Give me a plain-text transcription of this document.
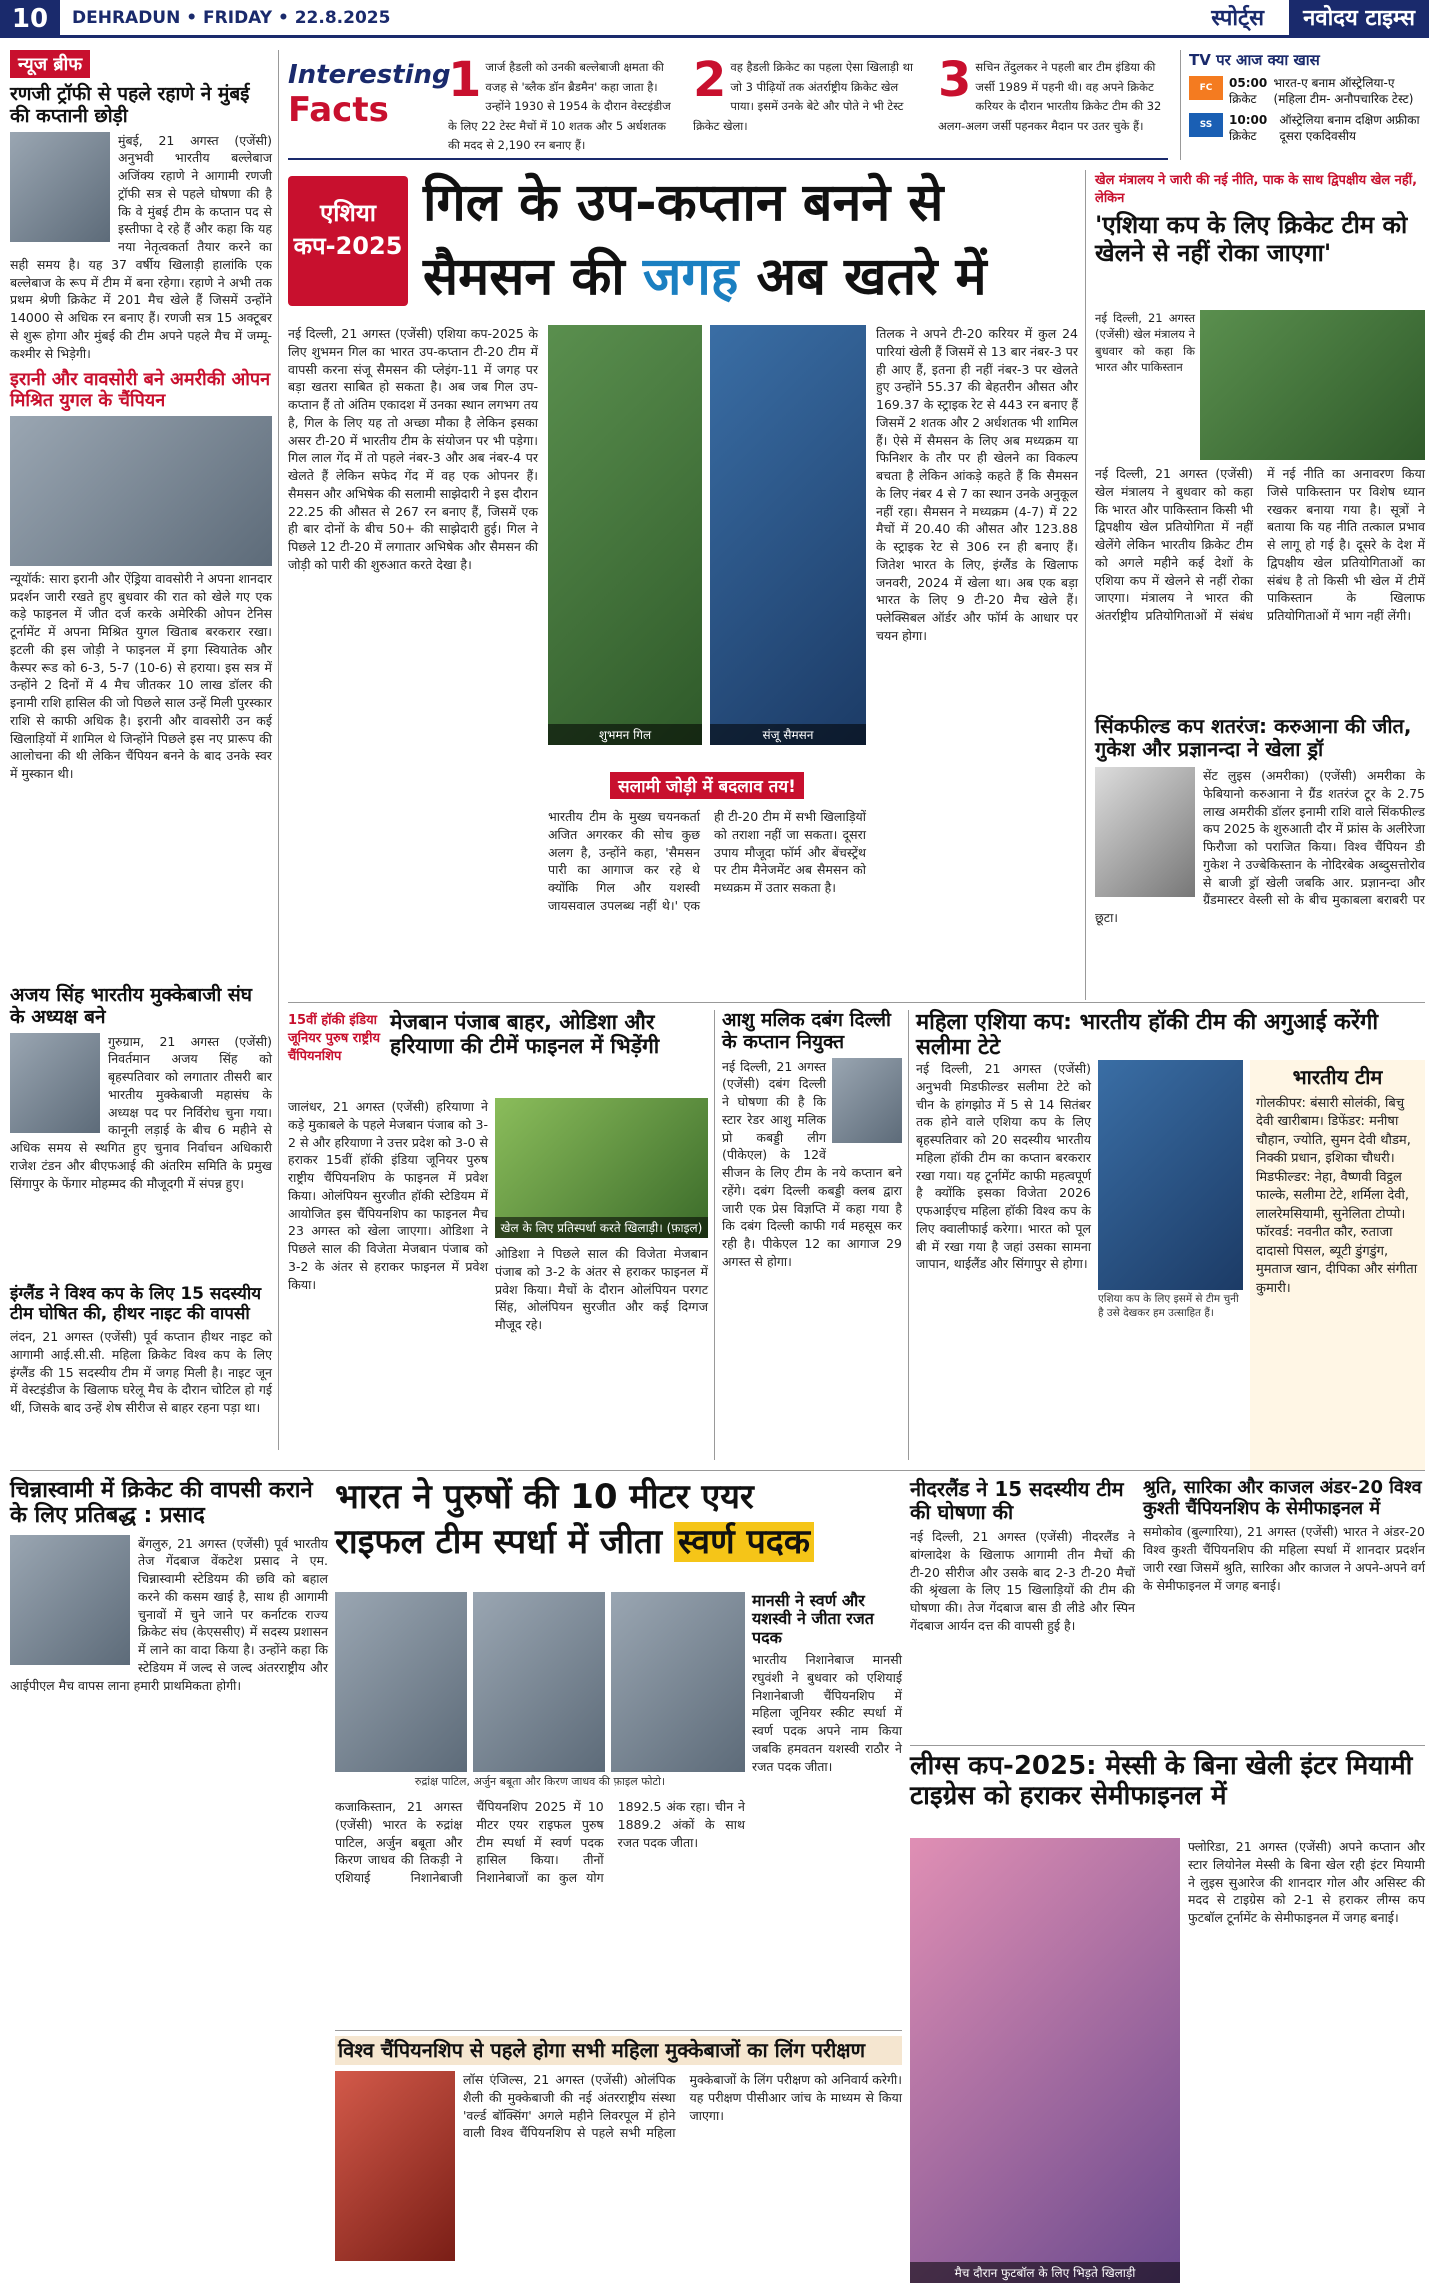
10	DEHRADUN • FRIDAY • 22.8.2025	स्पोर्ट्स	नवोदय टाइम्स
न्यूज ब्रीफ
रणजी ट्रॉफी से पहले रहाणे ने मुंबई की कप्तानी छोड़ी
मुंबई, 21 अगस्त (एजेंसी) अनुभवी भारतीय बल्लेबाज अजिंक्य रहाणे ने आगामी रणजी ट्रॉफी सत्र से पहले घोषणा की है कि वे मुंबई टीम के कप्तान पद से इस्तीफा दे रहे हैं और कहा कि यह नया नेतृत्वकर्ता तैयार करने का सही समय है। यह 37 वर्षीय खिलाड़ी हालांकि एक बल्लेबाज के रूप में टीम में बना रहेगा। रहाणे ने अभी तक प्रथम श्रेणी क्रिकेट में 201 मैच खेले हैं जिसमें उन्होंने 14000 से अधिक रन बनाए हैं। रणजी सत्र 15 अक्टूबर से शुरू होगा और मुंबई की टीम अपने पहले मैच में जम्मू-कश्मीर से भिड़ेगी।
इरानी और वावसोरी बने अमरीकी ओपन मिश्रित युगल के चैंपियन
न्यूयॉर्क: सारा इरानी और ऐंड्रिया वावसोरी ने अपना शानदार प्रदर्शन जारी रखते हुए बुधवार की रात को खेले गए एक कड़े फाइनल में जीत दर्ज करके अमेरिकी ओपन टेनिस टूर्नामेंट में अपना मिश्रित युगल खिताब बरकरार रखा। इटली की इस जोड़ी ने फाइनल में इगा स्वियातेक और कैस्पर रूड को 6-3, 5-7 (10-6) से हराया। इस सत्र में उन्होंने 2 दिनों में 4 मैच जीतकर 10 लाख डॉलर की इनामी राशि हासिल की जो पिछले साल उन्हें मिली पुरस्कार राशि से काफी अधिक है। इरानी और वावसोरी उन कई खिलाड़ियों में शामिल थे जिन्होंने पिछले इस नए प्रारूप की आलोचना की थी लेकिन चैंपियन बनने के बाद उनके स्वर में मुस्कान थी।
अजय सिंह भारतीय मुक्केबाजी संघ के अध्यक्ष बने
गुरुग्राम, 21 अगस्त (एजेंसी) निवर्तमान अजय सिंह को बृहस्पतिवार को लगातार तीसरी बार भारतीय मुक्केबाजी महासंघ के अध्यक्ष पद पर निर्विरोध चुना गया। कानूनी लड़ाई के बीच 6 महीने से अधिक समय से स्थगित हुए चुनाव निर्वाचन अधिकारी राजेश टंडन और बीएफआई की अंतरिम समिति के प्रमुख सिंगापुर के फेंगार मोहम्मद की मौजूदगी में संपन्न हुए।
इंग्लैंड ने विश्व कप के लिए 15 सदस्यीय टीम घोषित की, हीथर नाइट की वापसी
लंदन, 21 अगस्त (एजेंसी) पूर्व कप्तान हीथर नाइट को आगामी आई.सी.सी. महिला क्रिकेट विश्व कप के लिए इंग्लैंड की 15 सदस्यीय टीम में जगह मिली है। नाइट जून में वेस्टइंडीज के खिलाफ घरेलू मैच के दौरान चोटिल हो गई थीं, जिसके बाद उन्हें शेष सीरीज से बाहर रहना पड़ा था।
Interesting
Facts
1 जार्ज हैडली को उनकी बल्लेबाजी क्षमता की वजह से 'ब्लैक डॉन ब्रैडमैन' कहा जाता है। उन्होंने 1930 से 1954 के दौरान वेस्टइंडीज के लिए 22 टेस्ट मैचों में 10 शतक और 5 अर्धशतक की मदद से 2,190 रन बनाए हैं।
2 वह हैडली क्रिकेट का पहला ऐसा खिलाड़ी था जो 3 पीढ़ियों तक अंतर्राष्ट्रीय क्रिकेट खेल पाया। इसमें उनके बेटे और पोते ने भी टेस्ट क्रिकेट खेला।
3 सचिन तेंदुलकर ने पहली बार टीम इंडिया की जर्सी 1989 में पहनी थी। वह अपने क्रिकेट करियर के दौरान भारतीय क्रिकेट टीम की 32 अलग-अलग जर्सी पहनकर मैदान पर उतर चुके हैं।
TV पर आज क्या खास
FC	05:00 क्रिकेट
भारत-ए बनाम ऑस्ट्रेलिया-ए (महिला टीम- अनौपचारिक टेस्ट)
SS	10:00 क्रिकेट
ऑस्ट्रेलिया बनाम दक्षिण अफ्रीका दूसरा एकदिवसीय
एशिया कप-2025
गिल के उप-कप्तान बनने से
सैमसन की जगह अब खतरे में
नई दिल्ली, 21 अगस्त (एजेंसी) एशिया कप-2025 के लिए शुभमन गिल का भारत उप-कप्तान टी-20 टीम में वापसी करना संजू सैमसन की प्लेइंग-11 में जगह पर बड़ा खतरा साबित हो सकता है। अब जब गिल उप-कप्तान हैं तो अंतिम एकादश में उनका स्थान लगभग तय है, गिल के लिए यह तो अच्छा मौका है लेकिन इसका असर टी-20 में भारतीय टीम के संयोजन पर भी पड़ेगा। गिल लाल गेंद में तो पहले नंबर-3 और अब नंबर-4 पर खेलते हैं लेकिन सफेद गेंद में वह एक ओपनर हैं। सैमसन और अभिषेक की सलामी साझेदारी ने इस दौरान 22.25 की औसत से 267 रन बनाए हैं, जिसमें एक ही बार दोनों के बीच 50+ की साझेदारी हुई। गिल ने पिछले 12 टी-20 में लगातार अभिषेक और सैमसन की जोड़ी को पारी की शुरुआत करते देखा है।
शुभमन गिल	संजू सैमसन
सलामी जोड़ी में बदलाव तय!
भारतीय टीम के मुख्य चयनकर्ता अजित अगरकर की सोच कुछ अलग है, उन्होंने कहा, 'सैमसन पारी का आगाज कर रहे थे क्योंकि गिल और यशस्वी जायसवाल उपलब्ध नहीं थे।' एक ही टी-20 टीम में सभी खिलाड़ियों को तराशा नहीं जा सकता। दूसरा उपाय मौजूदा फॉर्म और बेंचस्ट्रेंथ पर टीम मैनेजमेंट अब सैमसन को मध्यक्रम में उतार सकता है।
तिलक ने अपने टी-20 करियर में कुल 24 पारियां खेली हैं जिसमें से 13 बार नंबर-3 पर ही आए हैं, इतना ही नहीं नंबर-3 पर खेलते हुए उन्होंने 55.37 की बेहतरीन औसत और 169.37 के स्ट्राइक रेट से 443 रन बनाए हैं जिसमें 2 शतक और 2 अर्धशतक भी शामिल हैं। ऐसे में सैमसन के लिए अब मध्यक्रम या फिनिशर के तौर पर ही खेलने का विकल्प बचता है लेकिन आंकड़े कहते हैं कि सैमसन के लिए नंबर 4 से 7 का स्थान उनके अनुकूल नहीं रहा। सैमसन ने मध्यक्रम (4-7) में 22 मैचों में 20.40 की औसत और 123.88 के स्ट्राइक रेट से 306 रन ही बनाए हैं। जितेश भारत के लिए, इंग्लैंड के खिलाफ जनवरी, 2024 में खेला था। अब एक बड़ा भारत के लिए 9 टी-20 मैच खेले हैं। फ्लेक्सिबल ऑर्डर और फॉर्म के आधार पर चयन होगा।
खेल मंत्रालय ने जारी की नई नीति, पाक के साथ द्विपक्षीय खेल नहीं, लेकिन
'एशिया कप के लिए क्रिकेट टीम को खेलने से नहीं रोका जाएगा'
नई दिल्ली, 21 अगस्त (एजेंसी) खेल मंत्रालय ने बुधवार को कहा कि भारत और पाकिस्तान
नई दिल्ली, 21 अगस्त (एजेंसी) खेल मंत्रालय ने बुधवार को कहा कि भारत और पाकिस्तान किसी भी द्विपक्षीय खेल प्रतियोगिता में नहीं खेलेंगे लेकिन भारतीय क्रिकेट टीम को अगले महीने कई देशों के एशिया कप में खेलने से नहीं रोका जाएगा। मंत्रालय ने भारत की अंतर्राष्ट्रीय प्रतियोगिताओं में संबंध में नई नीति का अनावरण किया जिसे पाकिस्तान पर विशेष ध्यान रखकर बनाया गया है। सूत्रों ने बताया कि यह नीति तत्काल प्रभाव से लागू हो गई है। दूसरे के देश में द्विपक्षीय खेल प्रतियोगिताओं का संबंध है तो किसी भी खेल में टीमें पाकिस्तान के खिलाफ प्रतियोगिताओं में भाग नहीं लेंगी।
सिंकफील्ड कप शतरंज: करुआना की जीत, गुकेश और प्रज्ञानन्दा ने खेला ड्रॉ
सेंट लुइस (अमरीका) (एजेंसी) अमरीका के फेबियानो करुआना ने ग्रैंड शतरंज टूर के 2.75 लाख अमरीकी डॉलर इनामी राशि वाले सिंकफील्ड कप 2025 के शुरुआती दौर में फ्रांस के अलीरेजा फिरौजा को पराजित किया। विश्व चैंपियन डी गुकेश ने उज्बेकिस्तान के नोदिरबेक अब्दुसत्तोरोव से बाजी ड्रॉ खेली जबकि आर. प्रज्ञानन्दा और ग्रैंडमास्टर वेस्ली सो के बीच मुकाबला बराबरी पर छूटा।
15वीं हॉकी इंडिया जूनियर पुरुष राष्ट्रीय चैंपियनशिप
मेजबान पंजाब बाहर, ओडिशा और हरियाणा की टीमें फाइनल में भिड़ेंगी
जालंधर, 21 अगस्त (एजेंसी) हरियाणा ने कड़े मुकाबले के पहले मेजबान पंजाब को 3-2 से और हरियाणा ने उत्तर प्रदेश को 3-0 से हराकर 15वीं हॉकी इंडिया जूनियर पुरुष राष्ट्रीय चैंपियनशिप के फाइनल में प्रवेश किया। ओलंपियन सुरजीत हॉकी स्टेडियम में आयोजित इस चैंपियनशिप का फाइनल मैच 23 अगस्त को खेला जाएगा। ओडिशा ने पिछले साल की विजेता मेजबान पंजाब को 3-2 के अंतर से हराकर फाइनल में प्रवेश किया।
खेल के लिए प्रतिस्पर्धा करते खिलाड़ी। (फ़ाइल)
ओडिशा ने पिछले साल की विजेता मेजबान पंजाब को 3-2 के अंतर से हराकर फाइनल में प्रवेश किया। मैचों के दौरान ओलंपियन परगट सिंह, ओलंपियन सुरजीत और कई दिग्गज मौजूद रहे।
आशु मलिक दबंग दिल्ली के कप्तान नियुक्त
नई दिल्ली, 21 अगस्त (एजेंसी) दबंग दिल्ली ने घोषणा की है कि स्टार रेडर आशु मलिक प्रो कबड्डी लीग (पीकेएल) के 12वें सीजन के लिए टीम के नये कप्तान बने रहेंगे। दबंग दिल्ली कबड्डी क्लब द्वारा जारी एक प्रेस विज्ञप्ति में कहा गया है कि दबंग दिल्ली काफी गर्व महसूस कर रही है। पीकेएल 12 का आगाज 29 अगस्त से होगा।
महिला एशिया कप: भारतीय हॉकी टीम की अगुआई करेंगी सलीमा टेटे
नई दिल्ली, 21 अगस्त (एजेंसी) अनुभवी मिडफील्डर सलीमा टेटे को चीन के हांगझोउ में 5 से 14 सितंबर तक होने वाले एशिया कप के लिए बृहस्पतिवार को 20 सदस्यीय भारतीय महिला हॉकी टीम का कप्तान बरकरार रखा गया। यह टूर्नामेंट काफी महत्वपूर्ण है क्योंकि इसका विजेता 2026 एफआईएच महिला हॉकी विश्व कप के लिए क्वालीफाई करेगा। भारत को पूल बी में रखा गया है जहां उसका सामना जापान, थाईलैंड और सिंगापुर से होगा।
एशिया कप के लिए इसमें से टीम चुनी है उसे देखकर हम उत्साहित हैं।
भारतीय टीम
गोलकीपर: बंसारी सोलंकी, बिचु देवी खारीबाम। डिफेंडर: मनीषा चौहान, ज्योति, सुमन देवी थौडम, निक्की प्रधान, इशिका चौधरी। मिडफील्डर: नेहा, वैष्णवी विट्ठल फाल्के, सलीमा टेटे, शर्मिला देवी, लालरेमसियामी, सुनेलिता टोप्पो। फॉरवर्ड: नवनीत कौर, रुताजा दादासो पिसल, ब्यूटी डुंगडुंग, मुमताज खान, दीपिका और संगीता कुमारी।
चिन्नास्वामी में क्रिकेट की वापसी कराने के लिए प्रतिबद्ध : प्रसाद
बेंगलुरु, 21 अगस्त (एजेंसी) पूर्व भारतीय तेज गेंदबाज वेंकटेश प्रसाद ने एम. चिन्नास्वामी स्टेडियम की छवि को बहाल करने की कसम खाई है, साथ ही आगामी चुनावों में चुने जाने पर कर्नाटक राज्य क्रिकेट संघ (केएससीए) में सदस्य प्रशासन में लाने का वादा किया है। उन्होंने कहा कि स्टेडियम में जल्द से जल्द अंतरराष्ट्रीय और आईपीएल मैच वापस लाना हमारी प्राथमिकता होगी।
भारत ने पुरुषों की 10 मीटर एयर
राइफल टीम स्पर्धा में जीता स्वर्ण पदक
रुद्रांक्ष पाटिल, अर्जुन बबूता और किरण जाधव की फ़ाइल फोटो।
कजाकिस्तान, 21 अगस्त (एजेंसी) भारत के रुद्रांक्ष पाटिल, अर्जुन बबूता और किरण जाधव की तिकड़ी ने एशियाई निशानेबाजी चैंपियनशिप 2025 में 10 मीटर एयर राइफल पुरुष टीम स्पर्धा में स्वर्ण पदक हासिल किया। तीनों निशानेबाजों का कुल योग 1892.5 अंक रहा। चीन ने 1889.2 अंकों के साथ रजत पदक जीता।
मानसी ने स्वर्ण और यशस्वी ने जीता रजत पदक
भारतीय निशानेबाज मानसी रघुवंशी ने बुधवार को एशियाई निशानेबाजी चैंपियनशिप में महिला जूनियर स्कीट स्पर्धा में स्वर्ण पदक अपने नाम किया जबकि हमवतन यशस्वी राठौर ने रजत पदक जीता।
नीदरलैंड ने 15 सदस्यीय टीम की घोषणा की
नई दिल्ली, 21 अगस्त (एजेंसी) नीदरलैंड ने बांग्लादेश के खिलाफ आगामी तीन मैचों की टी-20 सीरीज और उसके बाद 2-3 टी-20 मैचों की श्रृंखला के लिए 15 खिलाड़ियों की टीम की घोषणा की। तेज गेंदबाज बास डी लीडे और स्पिन गेंदबाज आर्यन दत्त की वापसी हुई है।
श्रुति, सारिका और काजल अंडर-20 विश्व कुश्ती चैंपियनशिप के सेमीफाइनल में
समोकोव (बुल्गारिया), 21 अगस्त (एजेंसी) भारत ने अंडर-20 विश्व कुश्ती चैंपियनशिप की महिला स्पर्धा में शानदार प्रदर्शन जारी रखा जिसमें श्रुति, सारिका और काजल ने अपने-अपने वर्ग के सेमीफाइनल में जगह बनाई।
विश्व चैंपियनशिप से पहले होगा सभी महिला मुक्केबाजों का लिंग परीक्षण
लॉस एंजिल्स, 21 अगस्त (एजेंसी) ओलंपिक शैली की मुक्केबाजी की नई अंतरराष्ट्रीय संस्था 'वर्ल्ड बॉक्सिंग' अगले महीने लिवरपूल में होने वाली विश्व चैंपियनशिप से पहले सभी महिला मुक्केबाजों के लिंग परीक्षण को अनिवार्य करेगी। यह परीक्षण पीसीआर जांच के माध्यम से किया जाएगा।
लीग्स कप-2025: मेस्सी के बिना खेली इंटर मियामी टाइग्रेस को हराकर सेमीफाइनल में
मैच दौरान फुटबॉल के लिए भिड़ते खिलाड़ी
फ्लोरिडा, 21 अगस्त (एजेंसी) अपने कप्तान और स्टार लियोनेल मेस्सी के बिना खेल रही इंटर मियामी ने लुइस सुआरेज की शानदार गोल और असिस्ट की मदद से टाइग्रेस को 2-1 से हराकर लीग्स कप फुटबॉल टूर्नामेंट के सेमीफाइनल में जगह बनाई।
